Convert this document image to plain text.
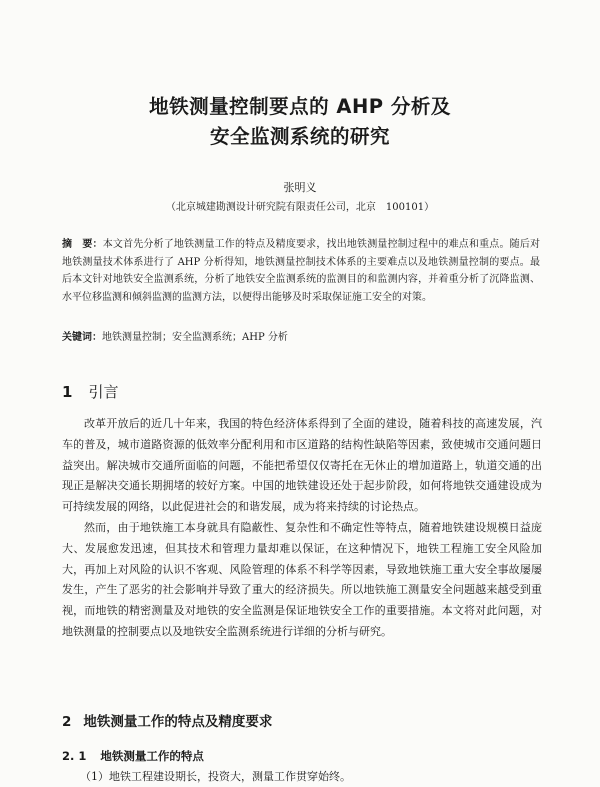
地铁测量控制要点的 AHP 分析及
安全监测系统的研究
张明义
（北京城建勘测设计研究院有限责任公司，北京　100101）
摘　要：本文首先分析了地铁测量工作的特点及精度要求，找出地铁测量控制过程中的难点和重点。随后对地铁测量技术体系进行了 AHP 分析得知，地铁测量控制技术体系的主要难点以及地铁测量控制的要点。最后本文针对地铁安全监测系统，分析了地铁安全监测系统的监测目的和监测内容，并着重分析了沉降监测、水平位移监测和倾斜监测的监测方法，以便得出能够及时采取保证施工安全的对策。
关键词：地铁测量控制；安全监测系统；AHP 分析
1 引言

改革开放后的近几十年来，我国的特色经济体系得到了全面的建设，随着科技的高速发展，汽车的普及，城市道路资源的低效率分配利用和市区道路的结构性缺陷等因素，致使城市交通问题日益突出。解决城市交通所面临的问题，不能把希望仅仅寄托在无休止的增加道路上，轨道交通的出现正是解决交通长期拥堵的较好方案。中国的地铁建设还处于起步阶段，如何将地铁交通建设成为可持续发展的网络，以此促进社会的和谐发展，成为将来持续的讨论热点。

然而，由于地铁施工本身就具有隐蔽性、复杂性和不确定性等特点，随着地铁建设规模日益庞大、发展愈发迅速，但其技术和管理力量却难以保证，在这种情况下，地铁工程施工安全风险加大，再加上对风险的认识不客观、风险管理的体系不科学等因素，导致地铁施工重大安全事故屡屡发生，产生了恶劣的社会影响并导致了重大的经济损失。所以地铁施工测量安全问题越来越受到重视，而地铁的精密测量及对地铁的安全监测是保证地铁安全工作的重要措施。本文将对此问题，对地铁测量的控制要点以及地铁安全监测系统进行详细的分析与研究。

2 地铁测量工作的特点及精度要求
2. 1 地铁测量工作的特点
（1）地铁工程建设期长，投资大，测量工作贯穿始终。
